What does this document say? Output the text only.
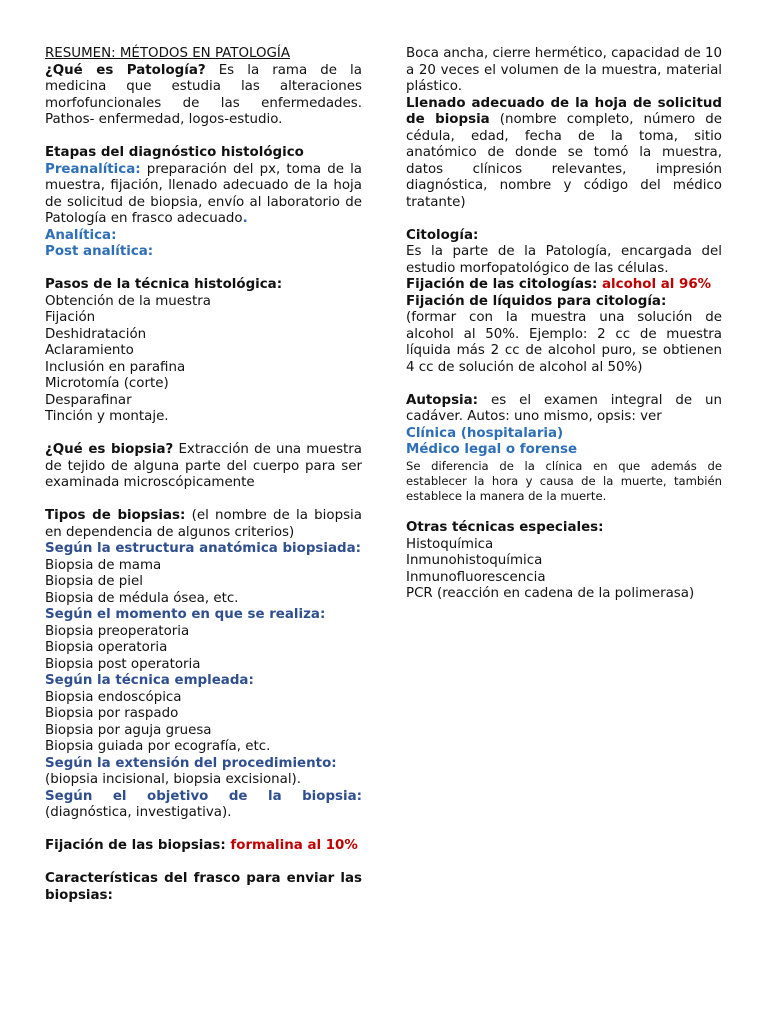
RESUMEN: MÉTODOS EN PATOLOGÍA

¿Qué es Patología? Es la rama de la medicina que estudia las alteraciones morfofuncionales de las enfermedades. Pathos- enfermedad, logos-estudio.

Etapas del diagnóstico histológico

Preanalítica: preparación del px, toma de la muestra, fijación, llenado adecuado de la hoja de solicitud de biopsia, envío al laboratorio de Patología en frasco adecuado.

Analítica:

Post analítica:

Pasos de la técnica histológica:

Obtención de la muestra

Fijación

Deshidratación

Aclaramiento

Inclusión en parafina

Microtomía (corte)

Desparafinar

Tinción y montaje.

¿Qué es biopsia? Extracción de una muestra de tejido de alguna parte del cuerpo para ser examinada microscópicamente

Tipos de biopsias: (el nombre de la biopsia en dependencia de algunos criterios)

Según la estructura anatómica biopsiada:

Biopsia de mama

Biopsia de piel

Biopsia de médula ósea, etc.

Según el momento en que se realiza:

Biopsia preoperatoria

Biopsia operatoria

Biopsia post operatoria

Según la técnica empleada:

Biopsia endoscópica

Biopsia por raspado

Biopsia por aguja gruesa

Biopsia guiada por ecografía, etc.

Según la extensión del procedimiento:

(biopsia incisional, biopsia excisional).

Según el objetivo de la biopsia:

(diagnóstica, investigativa).

Fijación de las biopsias: formalina al 10%

Características del frasco para enviar las biopsias:

Boca ancha, cierre hermético, capacidad de 10 a 20 veces el volumen de la muestra, material plástico.

Llenado adecuado de la hoja de solicitud de biopsia (nombre completo, número de cédula, edad, fecha de la toma, sitio anatómico de donde se tomó la muestra, datos clínicos relevantes, impresión diagnóstica, nombre y código del médico tratante)

Citología:

Es la parte de la Patología, encargada del estudio morfopatológico de las células.

Fijación de las citologías: alcohol al 96%

Fijación de líquidos para citología:

(formar con la muestra una solución de alcohol al 50%. Ejemplo: 2 cc de muestra líquida más 2 cc de alcohol puro, se obtienen 4 cc de solución de alcohol al 50%)

Autopsia: es el examen integral de un cadáver. Autos: uno mismo, opsis: ver

Clínica (hospitalaria)

Médico legal o forense

Se diferencia de la clínica en que además de establecer la hora y causa de la muerte, también establece la manera de la muerte.

Otras técnicas especiales:

Histoquímica

Inmunohistoquímica

Inmunofluorescencia

PCR (reacción en cadena de la polimerasa)
